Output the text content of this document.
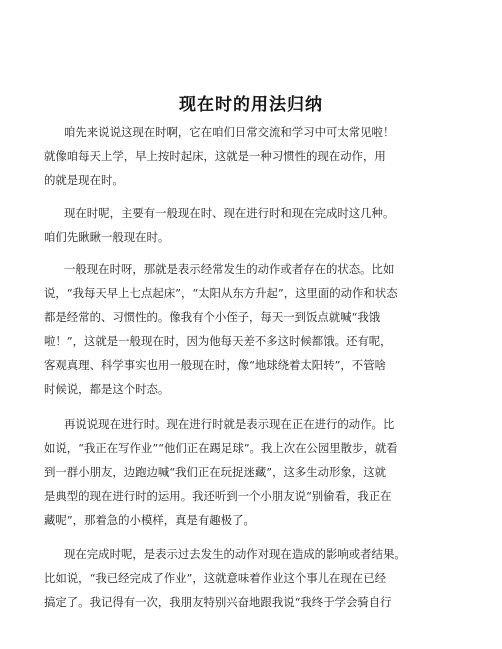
现在时的用法归纳
咱先来说说这现在时啊，它在咱们日常交流和学习中可太常见啦！
就像咱每天上学，早上按时起床，这就是一种习惯性的现在动作，用
的就是现在时。
现在时呢，主要有一般现在时、现在进行时和现在完成时这几种。
咱们先瞅瞅一般现在时。
一般现在时呀，那就是表示经常发生的动作或者存在的状态。比如
说，“我每天早上七点起床”，“太阳从东方升起”，这里面的动作和状态
都是经常的、习惯性的。像我有个小侄子，每天一到饭点就喊“我饿
啦！”，这就是一般现在时，因为他每天差不多这时候都饿。还有呢，
客观真理、科学事实也用一般现在时，像“地球绕着太阳转”，不管啥
时候说，都是这个时态。
再说说现在进行时。现在进行时就是表示现在正在进行的动作。比
如说，“我正在写作业”“他们正在踢足球”。我上次在公园里散步，就看
到一群小朋友，边跑边喊“我们正在玩捉迷藏”，这多生动形象，这就
是典型的现在进行时的运用。我还听到一个小朋友说“别偷看，我正在
藏呢”，那着急的小模样，真是有趣极了。
现在完成时呢，是表示过去发生的动作对现在造成的影响或者结果。
比如说，“我已经完成了作业”，这就意味着作业这个事儿在现在已经
搞定了。我记得有一次，我朋友特别兴奋地跟我说“我终于学会骑自行
